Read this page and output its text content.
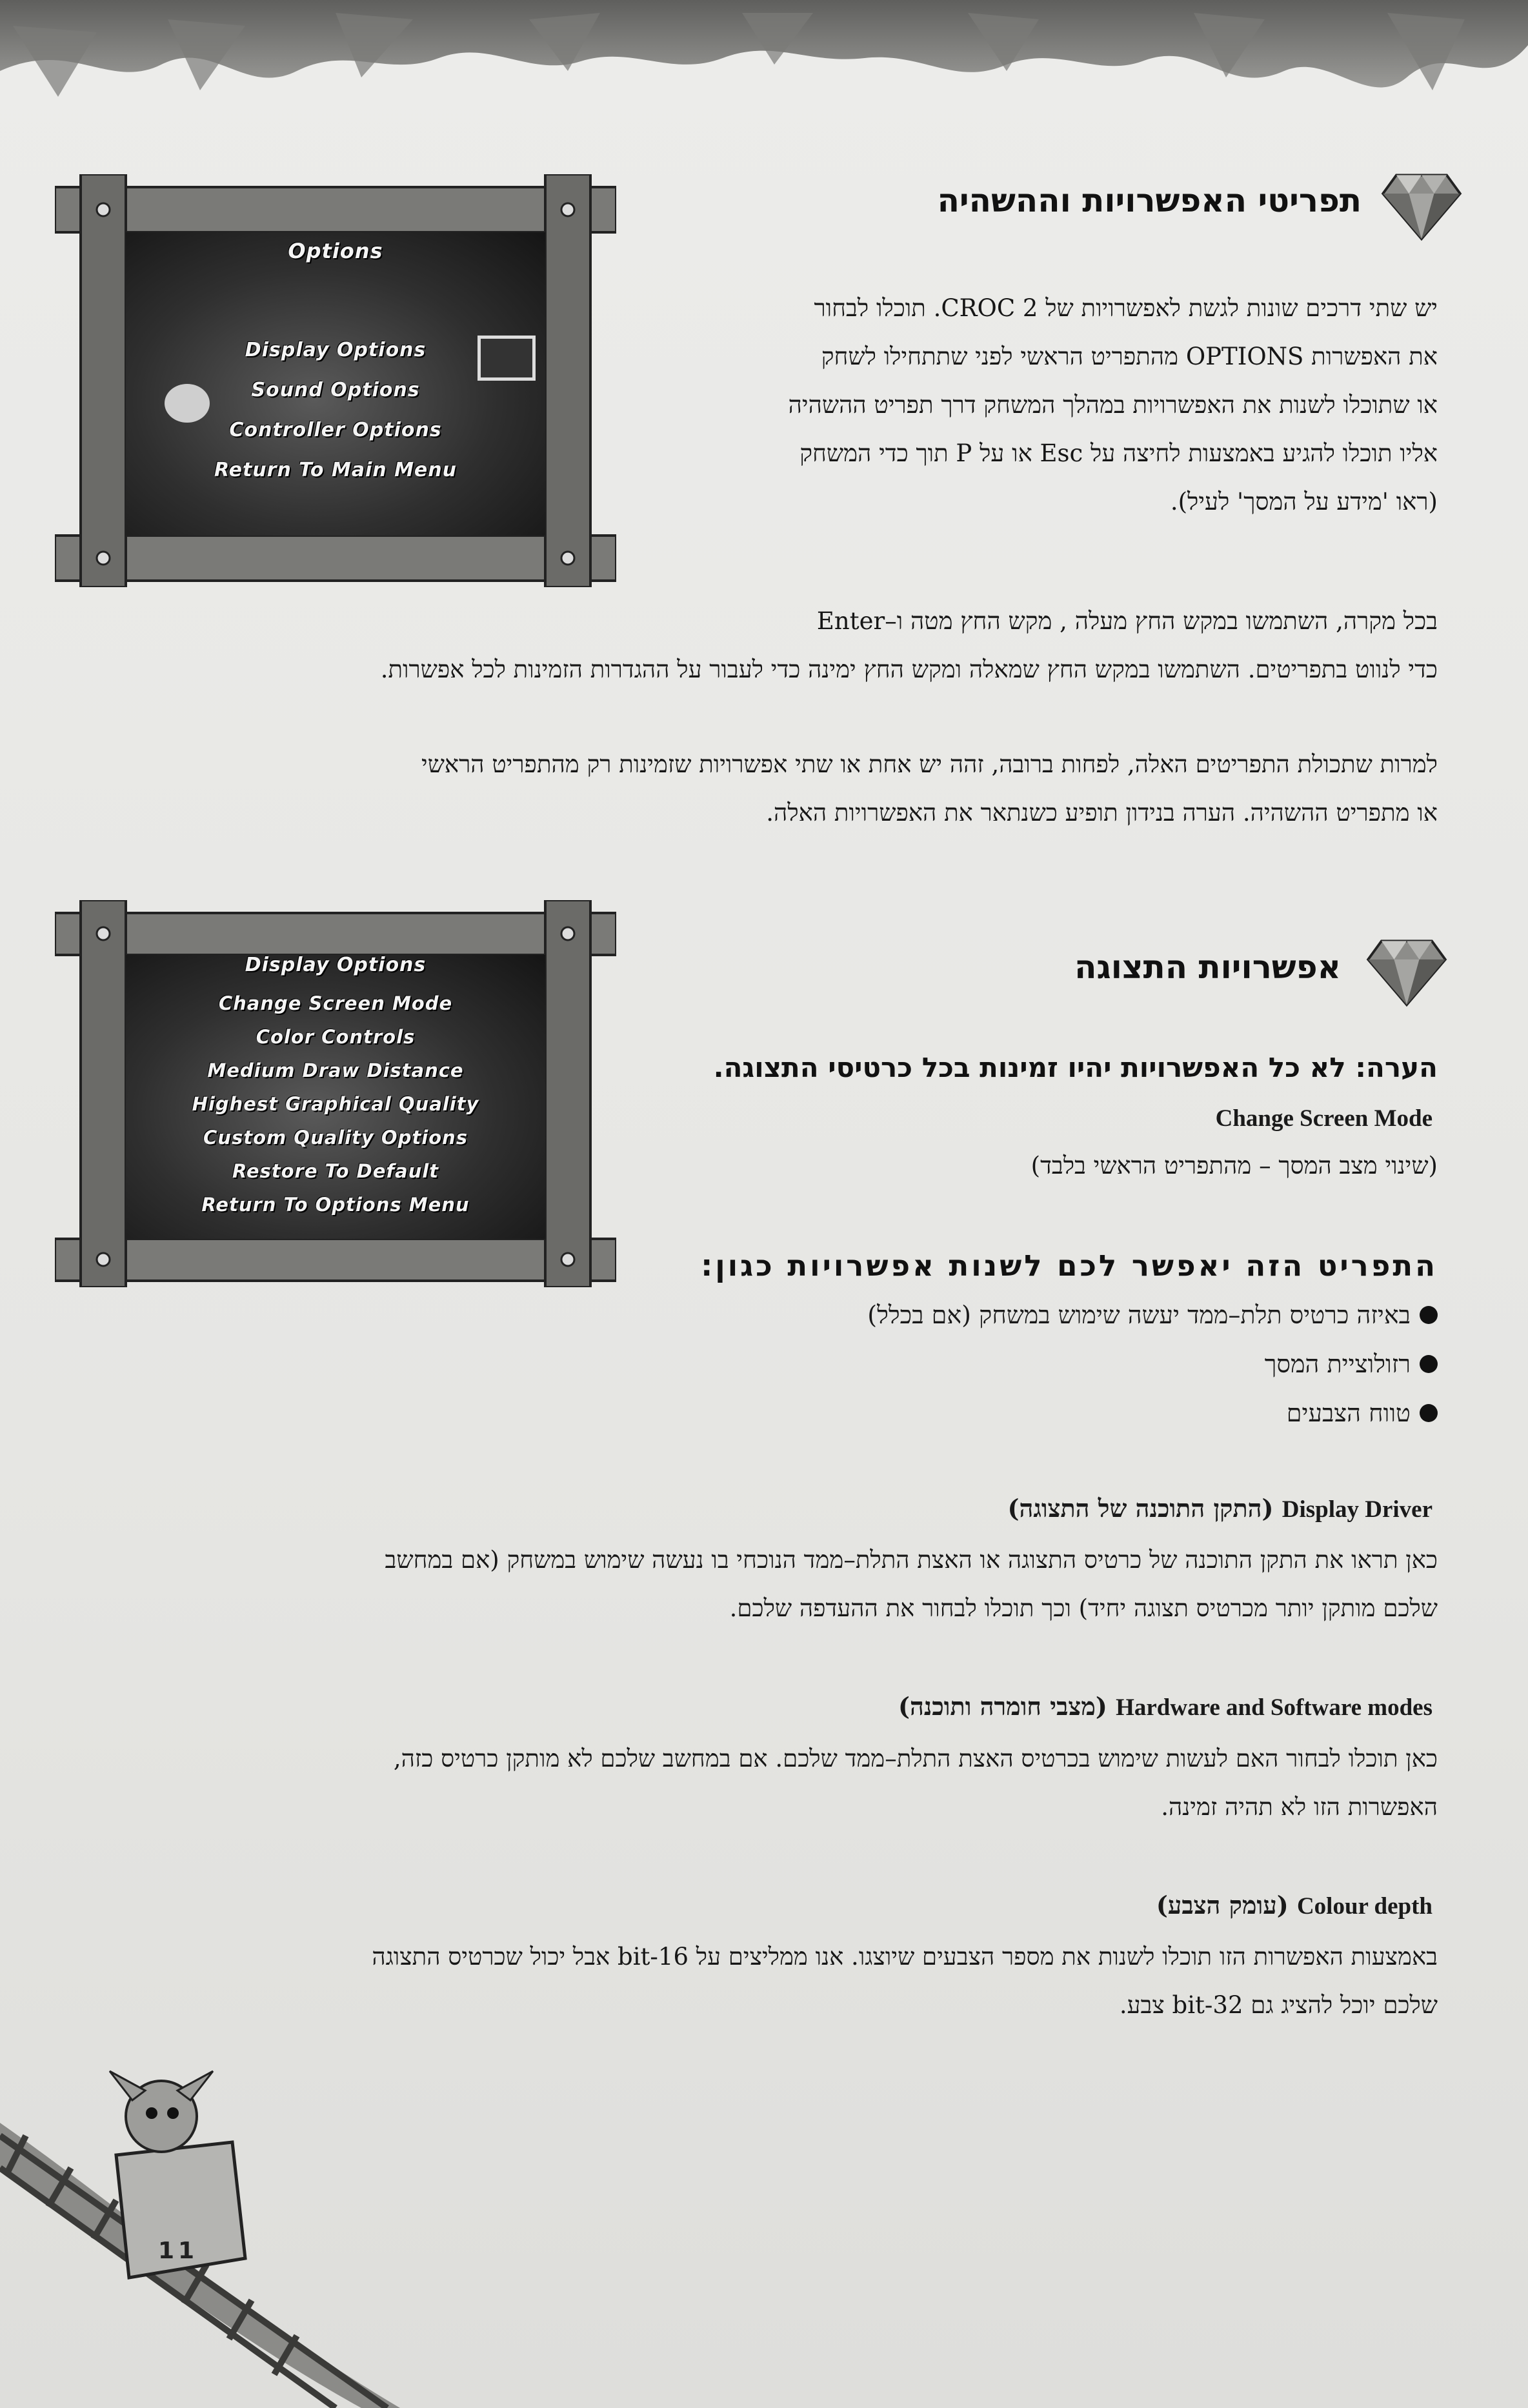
תפריטי האפשרויות וההשהיה
Options
Display Options
Sound Options
Controller Options
Return To Main Menu
יש שתי דרכים שונות לגשת לאפשרויות של CROC 2. תוכלו לבחור
את האפשרות OPTIONS מהתפריט הראשי לפני שתתחילו לשחק
או שתוכלו לשנות את האפשרויות במהלך המשחק דרך תפריט ההשהיה
אליו תוכלו להגיע באמצעות לחיצה על Esc או על P תוך כדי המשחק
(ראו 'מידע על המסך' לעיל).
בכל מקרה, השתמשו במקש החץ מעלה , מקש החץ מטה ו–Enter
כדי לנווט בתפריטים. השתמשו במקש החץ שמאלה ומקש החץ ימינה כדי לעבור על ההגדרות הזמינות לכל אפשרות.
למרות שתכולת התפריטים האלה, לפחות ברובה, זהה יש אחת או שתי אפשרויות שזמינות רק מהתפריט הראשי
או מתפריט ההשהיה. הערה בנידון תופיע כשנתאר את האפשרויות האלה.
Display Options
Change Screen Mode
Color Controls
Medium Draw Distance
Highest Graphical Quality
Custom Quality Options
Restore To Default
Return To Options Menu
אפשרויות התצוגה
הערה: לא כל האפשרויות יהיו זמינות בכל כרטיסי התצוגה.
Change Screen Mode
(שינוי מצב המסך – מהתפריט הראשי בלבד)
התפריט הזה יאפשר לכם לשנות אפשרויות כגון:
באיזה כרטיס תלת–ממד יעשה שימוש במשחק (אם בכלל)
רזולוציית המסך
טווח הצבעים
Display Driver (התקן התוכנה של התצוגה)
כאן תראו את התקן התוכנה של כרטיס התצוגה או האצת התלת–ממד הנוכחי בו נעשה שימוש במשחק (אם במחשב
שלכם מותקן יותר מכרטיס תצוגה יחיד) וכך תוכלו לבחור את ההעדפה שלכם.
Hardware and Software modes (מצבי חומרה ותוכנה)
כאן תוכלו לבחור האם לעשות שימוש בכרטיס האצת התלת–ממד שלכם. אם במחשב שלכם לא מותקן כרטיס כזה,
האפשרות הזו לא תהיה זמינה.
Colour depth (עומק הצבע)
באמצעות האפשרות הזו תוכלו לשנות את מספר הצבעים שיוצגו. אנו ממליצים על 16-bit אבל יכול שכרטיס התצוגה
שלכם יוכל להציג גם 32-bit צבע.
11
